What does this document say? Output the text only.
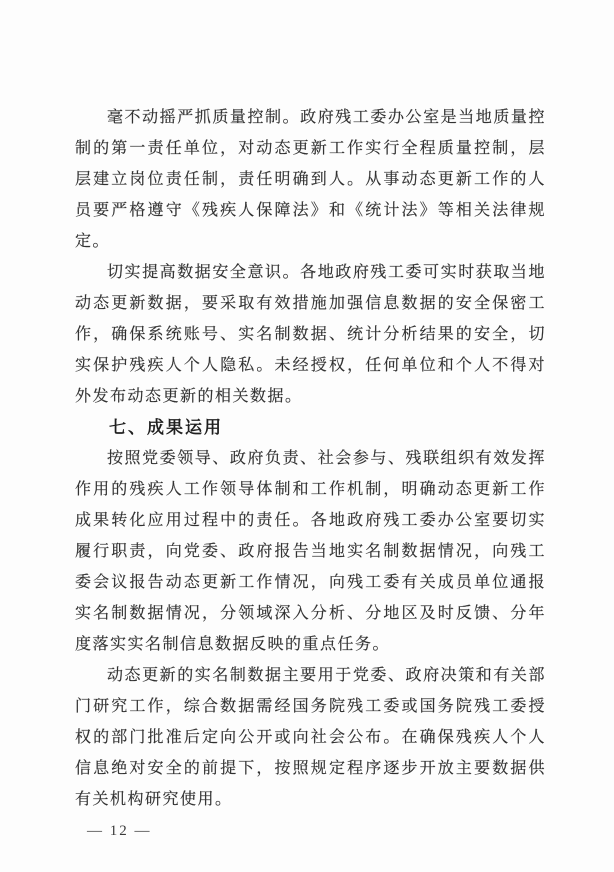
毫不动摇严抓质量控制。政府残工委办公室是当地质量控制的第一责任单位，对动态更新工作实行全程质量控制，层层建立岗位责任制，责任明确到人。从事动态更新工作的人员要严格遵守《残疾人保障法》和《统计法》等相关法律规定。

切实提高数据安全意识。各地政府残工委可实时获取当地动态更新数据，要采取有效措施加强信息数据的安全保密工作，确保系统账号、实名制数据、统计分析结果的安全，切实保护残疾人个人隐私。未经授权，任何单位和个人不得对外发布动态更新的相关数据。

七、成果运用

按照党委领导、政府负责、社会参与、残联组织有效发挥作用的残疾人工作领导体制和工作机制，明确动态更新工作成果转化应用过程中的责任。各地政府残工委办公室要切实履行职责，向党委、政府报告当地实名制数据情况，向残工委会议报告动态更新工作情况，向残工委有关成员单位通报实名制数据情况，分领域深入分析、分地区及时反馈、分年度落实实名制信息数据反映的重点任务。

动态更新的实名制数据主要用于党委、政府决策和有关部门研究工作，综合数据需经国务院残工委或国务院残工委授权的部门批准后定向公开或向社会公布。在确保残疾人个人信息绝对安全的前提下，按照规定程序逐步开放主要数据供有关机构研究使用。

— 12 —
